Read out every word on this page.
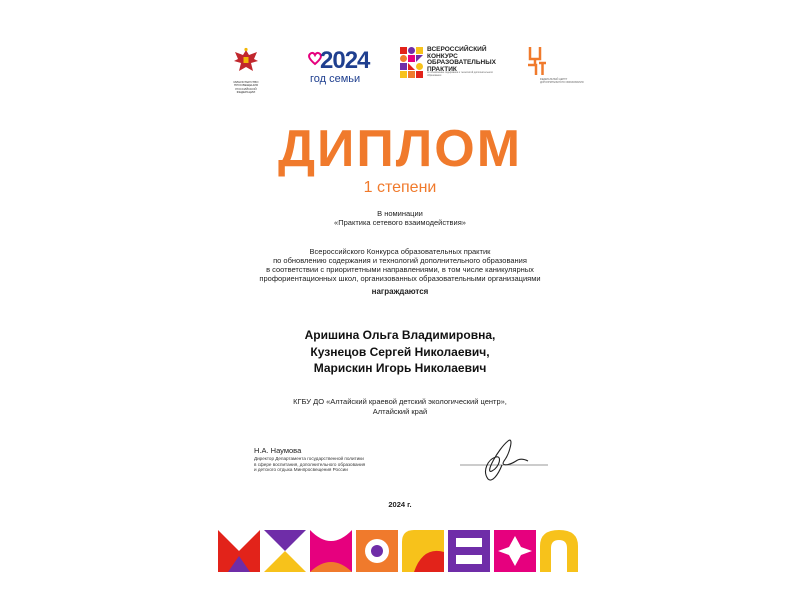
МИНИСТЕРСТВО ПРОСВЕЩЕНИЯ РОССИЙСКОЙ ФЕДЕРАЦИИ
2024
год семьи
ВСЕРОССИЙСКИЙ
КОНКУРС
ОБРАЗОВАТЕЛЬНЫХ
ПРАКТИК
по обновлению содержания и технологий дополнительного образования
ФЕДЕРАЛЬНЫЙ ЦЕНТР ДОПОЛНИТЕЛЬНОГО ОБРАЗОВАНИЯ
ДИПЛОМ
1 степени
В номинации
«Практика сетевого взаимодействия»
Всероссийского Конкурса образовательных практик
по обновлению содержания и технологий дополнительного образования
в соответствии с приоритетными направлениями, в том числе каникулярных
профориентационных школ, организованных образовательными организациями
награждаются
Аришина Ольга Владимировна,
Кузнецов Сергей Николаевич,
Марискин Игорь Николаевич
КГБУ ДО «Алтайский краевой детский экологический центр»,
Алтайский край
Н.А. Наумова
Директор Департамента государственной политики
в сфере воспитания, дополнительного образования
и детского отдыха Минпросвещения России
2024 г.
